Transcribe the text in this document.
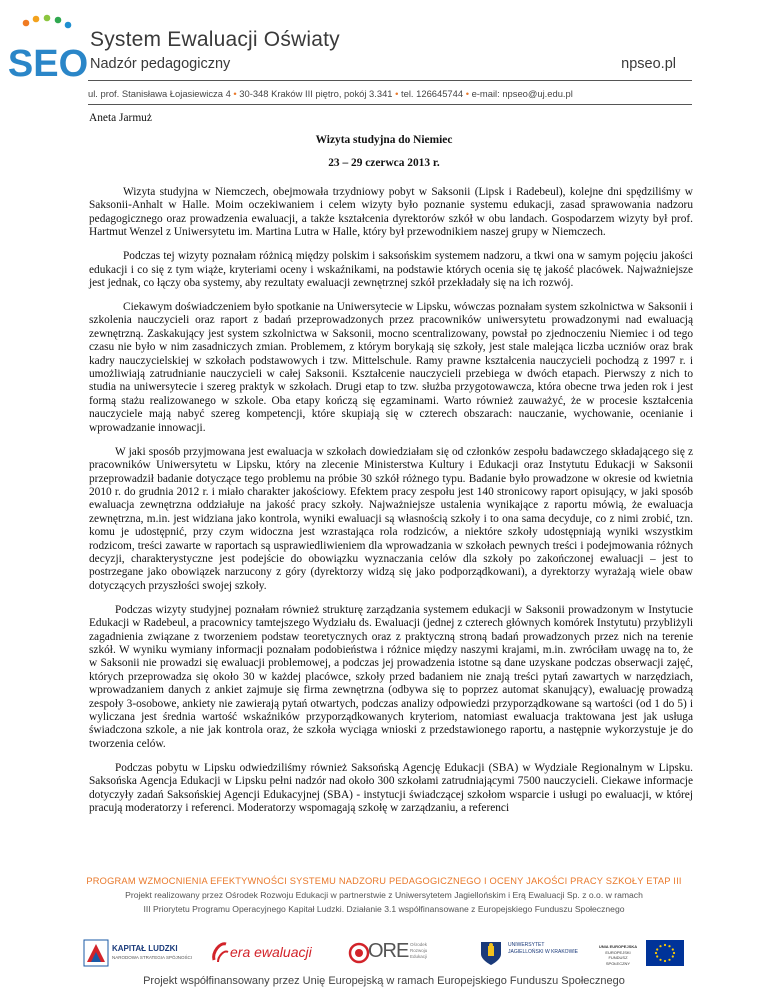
SEO
System Ewaluacji Oświaty
Nadzór pedagogiczny	npseo.pl
ul. prof. Stanisława Łojasiewicza 4 • 30-348 Kraków III piętro, pokój 3.341 • tel. 126645744 • e-mail: npseo@uj.edu.pl
Aneta Jarmuż
Wizyta studyjna do Niemiec
23 – 29 czerwca 2013 r.

Wizyta studyjna w Niemczech, obejmowała trzydniowy pobyt w Saksonii (Lipsk i Radebeul), kolejne dni spędziliśmy w Saksonii-Anhalt w Halle. Moim oczekiwaniem i celem wizyty było poznanie systemu edukacji, zasad sprawowania nadzoru pedagogicznego oraz prowadzenia ewaluacji, a także kształcenia dyrektorów szkół w obu landach. Gospodarzem wizyty był prof. Hartmut Wenzel z Uniwersytetu im. Martina Lutra w Halle, który był przewodnikiem naszej grupy w Niemczech.

Podczas tej wizyty poznałam różnicą między polskim i saksońskim systemem nadzoru, a tkwi ona w samym pojęciu jakości edukacji i co się z tym wiąże, kryteriami oceny i wskaźnikami, na podstawie których ocenia się tę jakość placówek. Najważniejsze jest jednak, co łączy oba systemy, aby rezultaty ewaluacji zewnętrznej szkół przekładały się na ich rozwój.

Ciekawym doświadczeniem było spotkanie na Uniwersytecie w Lipsku, wówczas poznałam system szkolnictwa w Saksonii i szkolenia nauczycieli oraz raport z badań przeprowadzonych przez pracowników uniwersytetu prowadzonymi nad ewaluacją zewnętrzną. Zaskakujący jest system szkolnictwa w Saksonii, mocno scentralizowany, powstał po zjednoczeniu Niemiec i od tego czasu nie było w nim zasadniczych zmian. Problemem, z którym borykają się szkoły, jest stale malejąca liczba uczniów oraz brak kadry nauczycielskiej w szkołach podstawowych i tzw. Mittelschule. Ramy prawne kształcenia nauczycieli pochodzą z 1997 r. i umożliwiają zatrudnianie nauczycieli w całej Saksonii. Kształcenie nauczycieli przebiega w dwóch etapach. Pierwszy z nich to studia na uniwersytecie i szereg praktyk w szkołach. Drugi etap to tzw. służba przygotowawcza, która obecne trwa jeden rok i jest formą stażu realizowanego w szkole. Oba etapy kończą się egzaminami. Warto również zauważyć, że w procesie kształcenia nauczyciele mają nabyć szereg kompetencji, które skupiają się w czterech obszarach: nauczanie, wychowanie, ocenianie i wprowadzanie innowacji.

W jaki sposób przyjmowana jest ewaluacja w szkołach dowiedziałam się od członków zespołu badawczego składającego się z pracowników Uniwersytetu w Lipsku, który na zlecenie Ministerstwa Kultury i Edukacji oraz Instytutu Edukacji w Saksonii przeprowadził badanie dotyczące tego problemu na próbie 30 szkół różnego typu. Badanie było prowadzone w okresie od kwietnia 2010 r. do grudnia 2012 r. i miało charakter jakościowy. Efektem pracy zespołu jest 140 stronicowy raport opisujący, w jaki sposób ewaluacja zewnętrzna oddziałuje na jakość pracy szkoły. Najważniejsze ustalenia wynikające z raportu mówią, że ewaluacja zewnętrzna, m.in. jest widziana jako kontrola, wyniki ewaluacji są własnością szkoły i to ona sama decyduje, co z nimi zrobić, tzn. komu je udostępnić, przy czym widoczna jest wzrastająca rola rodziców, a niektóre szkoły udostępniają wyniki wszystkim rodzicom, treści zawarte w raportach są usprawiedliwieniem dla wprowadzania w szkołach pewnych treści i podejmowania różnych decyzji, charakterystyczne jest podejście do obowiązku wyznaczania celów dla szkoły po zakończonej ewaluacji – jest to postrzegane jako obowiązek narzucony z góry (dyrektorzy widzą się jako podporządkowani), a dyrektorzy wyrażają wiele obaw dotyczących przyszłości swojej szkoły.

Podczas wizyty studyjnej poznałam również strukturę zarządzania systemem edukacji w Saksonii prowadzonym w Instytucie Edukacji w Radebeul, a pracownicy tamtejszego Wydziału ds. Ewaluacji (jednej z czterech głównych komórek Instytutu) przybliżyli zagadnienia związane z tworzeniem podstaw teoretycznych oraz z praktyczną stroną badań prowadzonych przez nich na terenie szkół. W wyniku wymiany informacji poznałam podobieństwa i różnice między naszymi krajami, m.in. zwróciłam uwagę na to, że w Saksonii nie prowadzi się ewaluacji problemowej, a podczas jej prowadzenia istotne są dane uzyskane podczas obserwacji zajęć, których przeprowadza się około 30 w każdej placówce, szkoły przed badaniem nie znają treści pytań zawartych w narzędziach, wprowadzaniem danych z ankiet zajmuje się firma zewnętrzna (odbywa się to poprzez automat skanujący), ewaluację prowadzą zespoły 3-osobowe, ankiety nie zawierają pytań otwartych, podczas analizy odpowiedzi przyporządkowane są wartości (od 1 do 5) i wyliczana jest średnia wartość wskaźników przyporządkowanych kryteriom, natomiast ewaluacja traktowana jest jak usługa świadczona szkole, a nie jak kontrola oraz, że szkoła wyciąga wnioski z przedstawionego raportu, a następnie wykorzystuje je do tworzenia celów.

Podczas pobytu w Lipsku odwiedziliśmy również Saksońską Agencję Edukacji (SBA) w Wydziale Regionalnym w Lipsku. Saksońska Agencja Edukacji w Lipsku pełni nadzór nad około 300 szkołami zatrudniającymi 7500 nauczycieli. Ciekawe informacje dotyczyły zadań Saksońskiej Agencji Edukacyjnej (SBA) - instytucji świadczącej szkołom wsparcie i usługi po ewaluacji, w której pracują moderatorzy i referenci. Moderatorzy wspomagają szkołę w zarządzaniu, a referenci

PROGRAM WZMOCNIENIA EFEKTYWNOŚCI SYSTEMU NADZORU PEDAGOGICZNEGO I OCENY JAKOŚCI PRACY SZKOŁY ETAP III
Projekt realizowany przez Ośrodek Rozwoju Edukacji w partnerstwie z Uniwersytetem Jagiellońskim i Erą Ewaluacji Sp. z o.o. w ramach
III Priorytetu Programu Operacyjnego Kapitał Ludzki. Działanie 3.1 współfinansowane z Europejskiego Funduszu Społecznego
KAPITAŁ LUDZKI
NARODOWA STRATEGIA SPÓJNOŚCI	era ewaluacji	ORE Ośrodek Rozwoju Edukacji
UNIWERSYTET JAGIELLOŃSKI W KRAKOWIE
UNIA EUROPEJSKA
EUROPEJSKI FUNDUSZ SPOŁECZNY
Projekt współfinansowany przez Unię Europejską w ramach Europejskiego Funduszu Społecznego
